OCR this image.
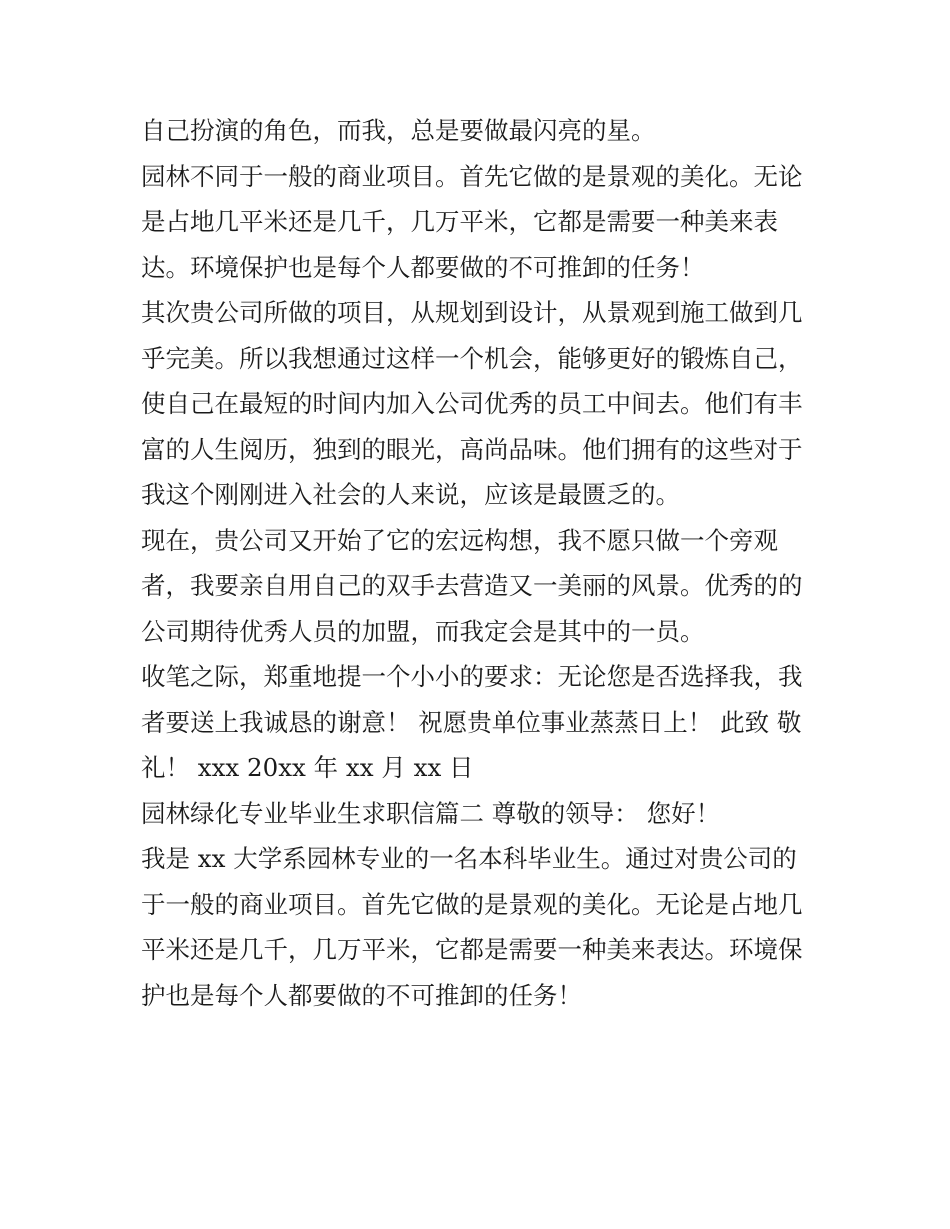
自己扮演的角色，而我，总是要做最闪亮的星。

园林不同于一般的商业项目。首先它做的是景观的美化。无论

是占地几平米还是几千，几万平米，它都是需要一种美来表

达。环境保护也是每个人都要做的不可推卸的任务！

其次贵公司所做的项目，从规划到设计，从景观到施工做到几

乎完美。所以我想通过这样一个机会，能够更好的锻炼自己，

使自己在最短的时间内加入公司优秀的员工中间去。他们有丰

富的人生阅历，独到的眼光，高尚品味。他们拥有的这些对于

我这个刚刚进入社会的人来说，应该是最匮乏的。

现在，贵公司又开始了它的宏远构想，我不愿只做一个旁观

者，我要亲自用自己的双手去营造又一美丽的风景。优秀的的

公司期待优秀人员的加盟，而我定会是其中的一员。

收笔之际，郑重地提一个小小的要求：无论您是否选择我，我

者要送上我诚恳的谢意！ 祝愿贵单位事业蒸蒸日上！ 此致 敬

礼！ xxx 20xx 年 xx 月 xx 日

园林绿化专业毕业生求职信篇二 尊敬的领导： 您好！

我是 xx 大学系园林专业的一名本科毕业生。通过对贵公司的

于一般的商业项目。首先它做的是景观的美化。无论是占地几

平米还是几千，几万平米，它都是需要一种美来表达。环境保

护也是每个人都要做的不可推卸的任务！
